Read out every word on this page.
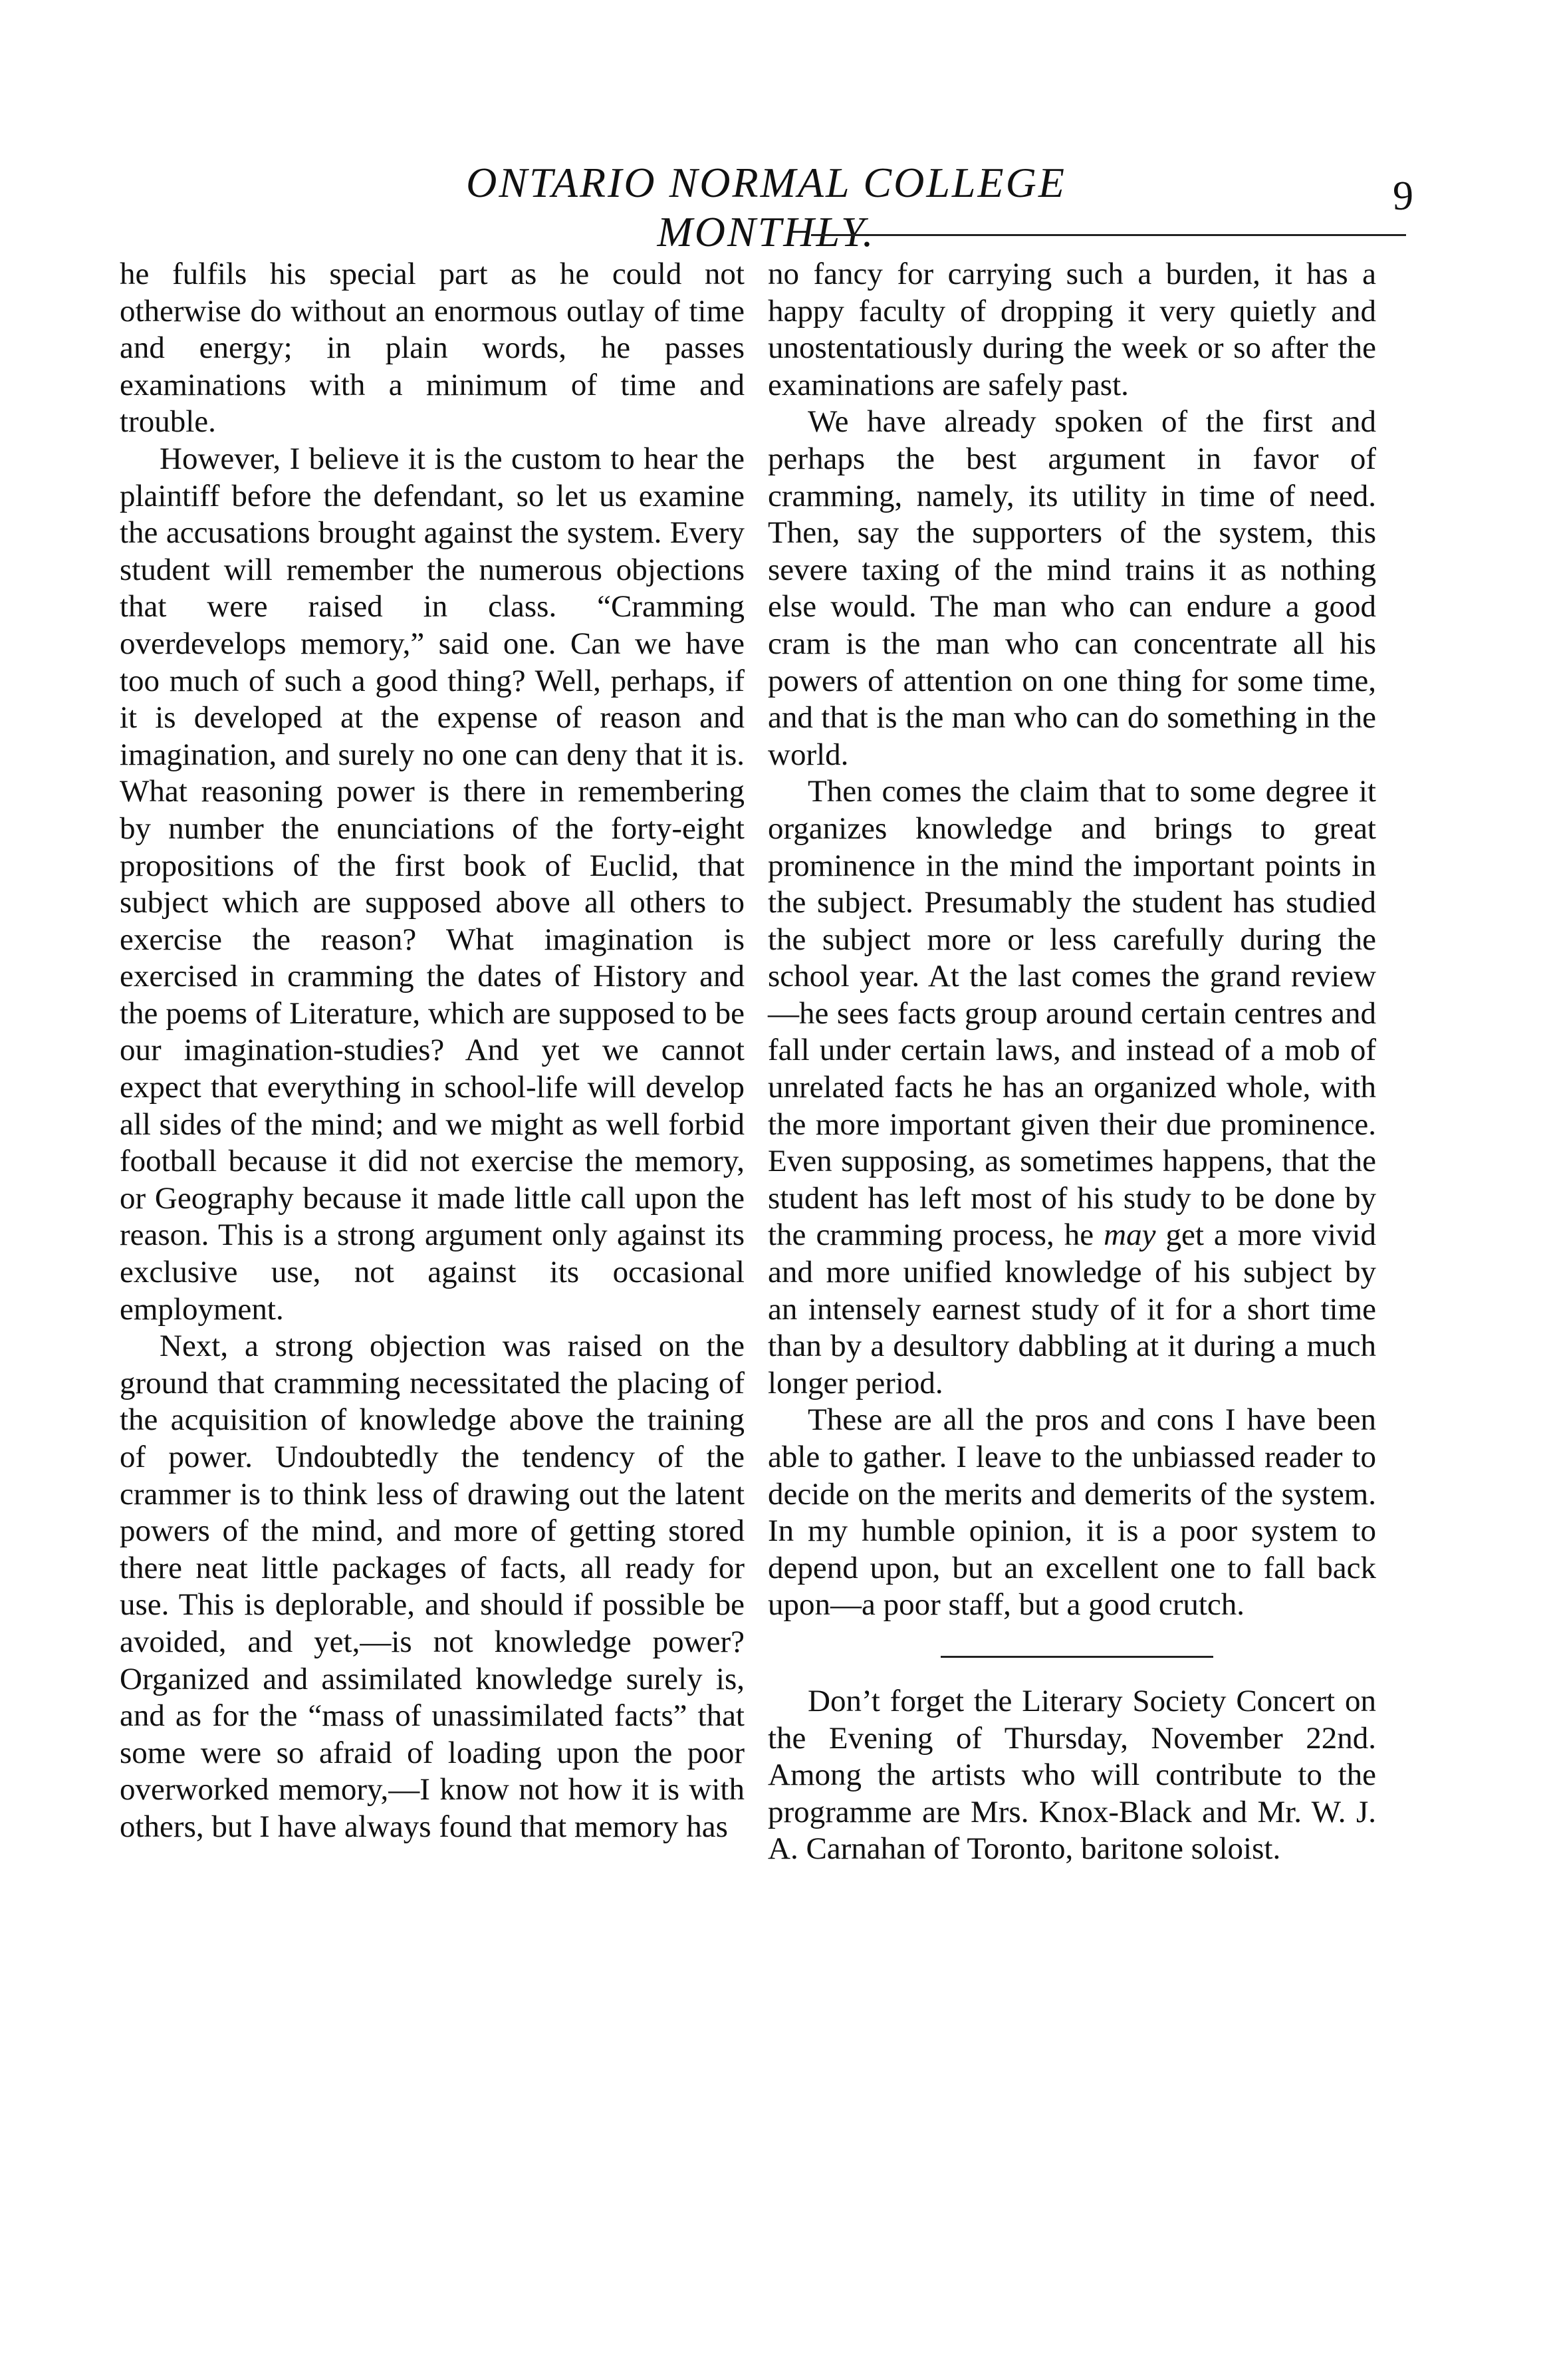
ONTARIO NORMAL COLLEGE MONTHLY.
9

he fulfils his special part as he could not otherwise do without an enormous outlay of time and energy; in plain words, he passes examinations with a minimum of time and trouble.

However, I believe it is the custom to hear the plaintiff before the defendant, so let us examine the accusations brought against the system. Every student will remember the numerous objections that were raised in class. “Cramming overdevelops memory,” said one. Can we have too much of such a good thing? Well, perhaps, if it is developed at the expense of reason and imagination, and surely no one can deny that it is. What reasoning power is there in remembering by number the enunciations of the forty-eight propositions of the first book of Euclid, that subject which are supposed above all others to exercise the reason? What imagination is exercised in cramming the dates of History and the poems of Literature, which are supposed to be our imagination-studies? And yet we cannot expect that everything in school-life will develop all sides of the mind; and we might as well forbid football because it did not exercise the memory, or Geography because it made little call upon the reason. This is a strong argument only against its exclusive use, not against its occasional employment.

Next, a strong objection was raised on the ground that cramming necessitated the placing of the acquisition of knowledge above the training of power. Undoubtedly the tendency of the crammer is to think less of drawing out the latent powers of the mind, and more of getting stored there neat little packages of facts, all ready for use. This is deplorable, and should if possible be avoided, and yet,—is not knowledge power? Organized and assimilated knowledge surely is, and as for the “mass of unassimilated facts” that some were so afraid of loading upon the poor overworked memory,—I know not how it is with others, but I have always found that memory has

no fancy for carrying such a burden, it has a happy faculty of dropping it very quietly and unostentatiously during the week or so after the examinations are safely past.

We have already spoken of the first and perhaps the best argument in favor of cramming, namely, its utility in time of need. Then, say the supporters of the system, this severe taxing of the mind trains it as nothing else would. The man who can endure a good cram is the man who can concentrate all his powers of attention on one thing for some time, and that is the man who can do something in the world.

Then comes the claim that to some degree it organizes knowledge and brings to great prominence in the mind the important points in the subject. Presumably the student has studied the subject more or less carefully during the school year. At the last comes the grand review—he sees facts group around certain centres and fall under certain laws, and instead of a mob of unrelated facts he has an organized whole, with the more important given their due prominence. Even supposing, as sometimes happens, that the student has left most of his study to be done by the cramming process, he may get a more vivid and more unified knowledge of his subject by an intensely earnest study of it for a short time than by a desultory dabbling at it during a much longer period.

These are all the pros and cons I have been able to gather. I leave to the unbiassed reader to decide on the merits and demerits of the system. In my humble opinion, it is a poor system to depend upon, but an excellent one to fall back upon—a poor staff, but a good crutch.

Don’t forget the Literary Society Concert on the Evening of Thursday, November 22nd. Among the artists who will contribute to the programme are Mrs. Knox-Black and Mr. W. J. A. Carnahan of Toronto, baritone soloist.
